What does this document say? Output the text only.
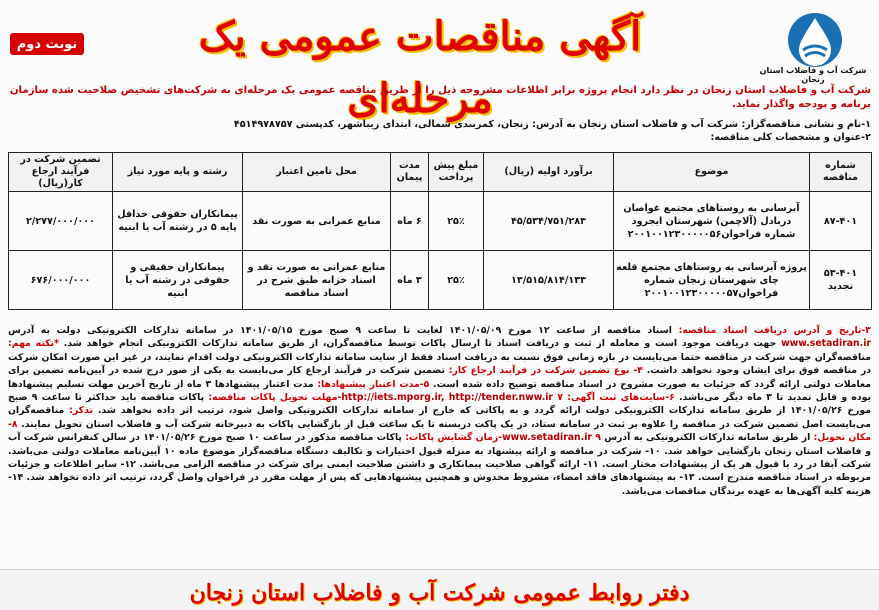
نوبت دوم	آگهی مناقصات عمومی یک مرحله‌ای
شرکت آب و فاضلاب استان زنجان
شرکت آب و فاضلاب استان زنجان در نظر دارد انجام پروژه برابر اطلاعات مشروحه ذیل را از طریق مناقصه عمومی یک مرحله‌ای به شرکت‌های تشخیص صلاحیت شده سازمان برنامه و بودجه واگذار نماید.
۱-نام و نشانی مناقصه‌گزار: شرکت آب و فاضلاب استان زنجان به آدرس: زنجان، کمربندی شمالی، ابتدای زیباشهر، کدپستی ۴۵۱۴۹۷۸۷۵۷
۲-عنوان و مشخصات کلی مناقصه:
شماره مناقصه	موضوع	برآورد اولیه (ریال)	مبلغ پیش پرداخت	مدت پیمان	محل تامین اعتبار	رشته و پایه مورد نیاز	تضمین شرکت در فرآیند ارجاع کار(ریال)
۸۷-۴۰۱	آبرسانی به روستاهای مجتمع غواصان دربادل (آلاچمن) شهرستان ایجرود شماره فراخوان۲۰۰۱۰۰۱۲۳۰۰۰۰۰۵۶	۴۵/۵۳۴/۷۵۱/۲۸۳	۲۵٪	۶ ماه	منابع عمرانی به صورت نقد	پیمانکاران حقوقی حداقل پایه ۵ در رشته آب یا ابنیه	۲/۲۷۷/۰۰۰/۰۰۰
۵۳-۴۰۱ تجدید	پروژه آبرسانی به روستاهای مجتمع قلعه چای شهرستان زنجان شماره فراخوان۲۰۰۱۰۰۱۲۳۰۰۰۰۰۵۷	۱۳/۵۱۵/۸۱۴/۱۳۳	۲۵٪	۳ ماه	منابع عمرانی به صورت نقد و اسناد خزانه طبق شرح در اسناد مناقصه	پیمانکاران حقیقی و حقوقی در رشته آب یا ابنیه	۶۷۶/۰۰۰/۰۰۰
۳-تاریخ و آدرس دریافت اسناد مناقصه: اسناد مناقصه از ساعت ۱۲ مورخ ۱۴۰۱/۰۵/۰۹ لغایت تا ساعت ۹ صبح مورخ ۱۴۰۱/۰۵/۱۵ در سامانه تدارکات الکترونیکی دولت به آدرس www.setadiran.ir جهت دریافت موجود است و معامله از ثبت و دریافت اسناد تا ارسال پاکات توسط مناقصه‌گران، از طریق سامانه تدارکات الکترونیکی انجام خواهد شد. *نکته مهم: مناقصه‌گران جهت شرکت در مناقصه حتما می‌بایست در بازه زمانی فوق نسبت به دریافت اسناد فقط از سایت سامانه تدارکات الکترونیکی دولت اقدام نمایند، در غیر این صورت امکان شرکت در مناقصه فوق برای ایشان وجود نخواهد داشت. ۴- نوع تضمین شرکت در فرآیند ارجاع کار: تضمین شرکت در فرآیند ارجاع کار می‌بایست به یکی از صور درج شده در آیین‌نامه تضمین برای معاملات دولتی ارائه گردد که جزئیات به صورت مشروح در اسناد مناقصه توضیح داده شده است. ۵-مدت اعتبار پیشنهادها: مدت اعتبار پیشنهادها ۳ ماه از تاریخ آخرین مهلت تسلیم پیشنهادها بوده و قابل تمدید تا ۳ ماه دیگر می‌باشد. ۶-سایت‌های ثبت آگهی: http://iets.mporg.ir, http://tender.nww.ir ۷-مهلت تحویل پاکات مناقصه: پاکات مناقصه باید حداکثر تا ساعت ۹ صبح مورخ ۱۴۰۱/۰۵/۲۶ از طریق سامانه تدارکات الکترونیکی دولت ارائه گردد و به پاکاتی که خارج از سامانه تدارکات الکترونیکی واصل شود، ترتیب اثر داده نخواهد شد. تذکر: مناقصه‌گران می‌بایست اصل تضمین شرکت در مناقصه را علاوه بر ثبت در سامانه ستاد، در یک پاکت دربسته تا یک ساعت قبل از بازگشایی پاکات به دبیرخانه شرکت آب و فاضلاب استان تحویل نمایند. ۸- مکان تحویل: از طریق سامانه تدارکات الکترونیکی به آدرس www.setadiran.ir ۹-زمان گشایش پاکات: پاکات مناقصه مذکور در ساعت ۱۰ صبح مورخ ۱۴۰۱/۰۵/۲۶ در سالن کنفرانس شرکت آب و فاضلاب استان زنجان بازگشایی خواهد شد. ۱۰- شرکت در مناقصه و ارائه پیشنهاد به منزله قبول اختیارات و تکالیف دستگاه مناقصه‌گزار موضوع ماده ۱۰ آیین‌نامه معاملات دولتی می‌باشد. شرکت آبفا در رد یا قبول هر یک از پیشنهادات مختار است. ۱۱- ارائه گواهی صلاحیت پیمانکاری و داشتن صلاحیت ایمنی برای شرکت در مناقصه الزامی می‌باشد. ۱۲- سایر اطلاعات و جزئیات مربوطه در اسناد مناقصه مندرج است. ۱۳- به پیشنهادهای فاقد امضاء، مشروط مخدوش و همچنین پیشنهادهایی که پس از مهلت مقرر در فراخوان واصل گردد، ترتیب اثر داده نخواهد شد. ۱۴- هزینه کلیه آگهی‌ها به عهده برندگان مناقصات می‌باشد.
دفتر روابط عمومی شرکت آب و فاضلاب استان زنجان
